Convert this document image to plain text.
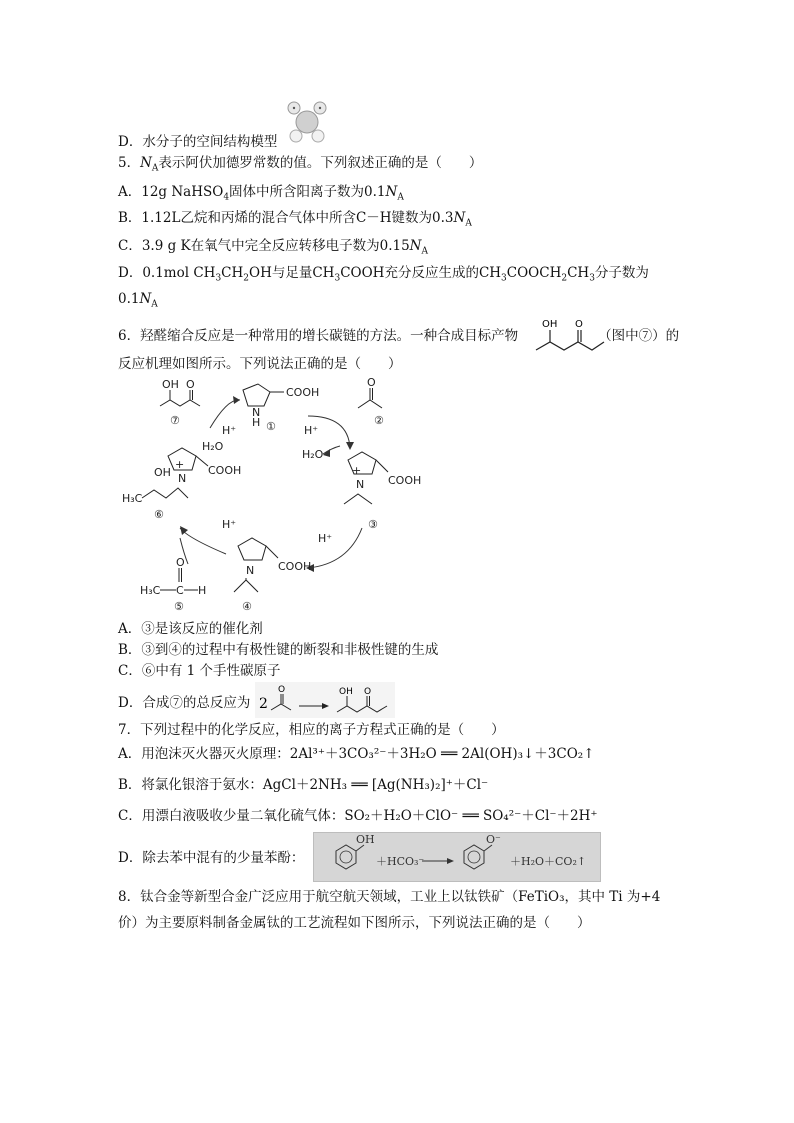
D．水分子的空间结构模型
5．$N_A$表示阿伏加德罗常数的值。下列叙述正确的是（　　）
A．12g NaHSO$_4$固体中所含阳离子数为$0.1N_A$
B．1.12L乙烷和丙烯的混合气体中所含C－H键数为$0.3N_A$
C．3.9 g K在氧气中完全反应转移电子数为$0.15N_A$
D．0.1mol $CH_3CH_2OH$与足量$CH_3COOH$充分反应生成的$CH_3COOCH_2CH_3$分子数为
$0.1N_A$
6．羟醛缩合反应是一种常用的增长碳链的方法。一种合成目标产物	（图中⑦）的
OH O
反应机理如图所示。下列说法正确的是（　　）
OH O
⑦
COOH
N
H ①
O
②
H⁺	H⁺
H₂O
COOH
N
+
H₂O
OH
H₃C
⑥
COOH
N
+
③
H⁺
COOH
N
④
H₃C C H
O
⑤
H⁺
A．③是该反应的催化剂
B．③到④的过程中有极性键的断裂和非极性键的生成
C．⑥中有 1 个手性碳原子
D．合成⑦的总反应为 2
O	OH O
7．下列过程中的化学反应，相应的离子方程式正确的是（　　）
A．用泡沫灭火器灭火原理：2Al³⁺＋3CO₃²⁻＋3H₂O ══ 2Al(OH)₃↓＋3CO₂↑
B．将氯化银溶于氨水：AgCl＋2NH₃ ══ [Ag(NH₃)₂]⁺＋Cl⁻
C．用漂白液吸收少量二氧化硫气体：SO₂＋H₂O＋ClO⁻ ══ SO₄²⁻＋Cl⁻＋2H⁺
D．除去苯中混有的少量苯酚：
OH
＋HCO₃⁻
O⁻
＋H₂O＋CO₂↑
8．钛合金等新型合金广泛应用于航空航天领域，工业上以钛铁矿（FeTiO₃，其中 Ti 为+4
价）为主要原料制备金属钛的工艺流程如下图所示，下列说法正确的是（　　）
